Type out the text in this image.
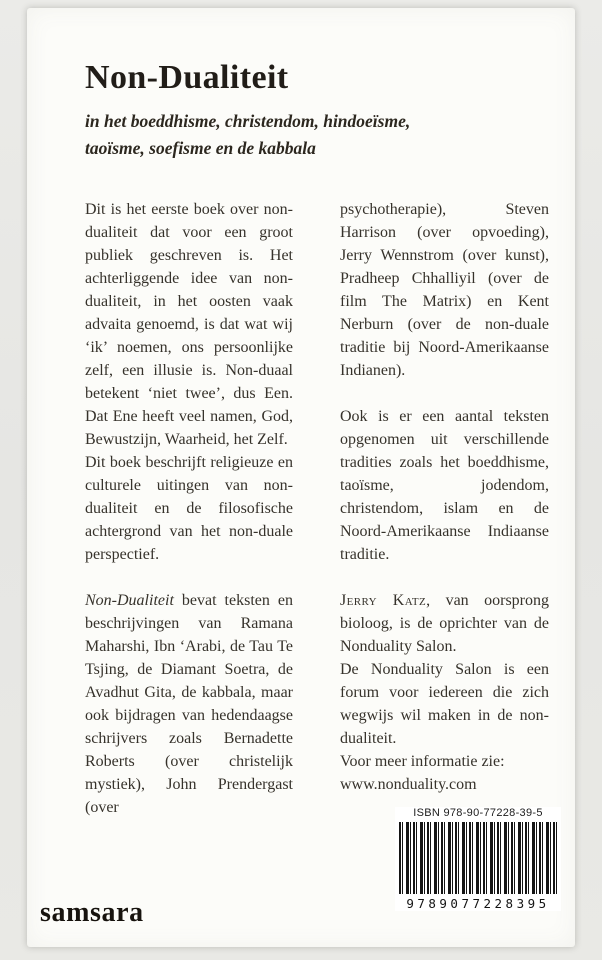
Non-Dualiteit
in het boeddhisme, christendom, hindoeïsme,
taoïsme, soefisme en de kabbala

Dit is het eerste boek over non-dualiteit dat voor een groot publiek geschreven is. Het achterliggende idee van non-dualiteit, in het oosten vaak advaita genoemd, is dat wat wij ‘ik’ noemen, ons persoonlijke zelf, een illusie is. Non-duaal betekent ‘niet twee’, dus Een. Dat Ene heeft veel namen, God, Bewustzijn, Waarheid, het Zelf.

Dit boek beschrijft religieuze en culturele uitingen van non-dualiteit en de filosofische achtergrond van het non-duale perspectief.

Non-Dualiteit bevat teksten en beschrijvingen van Ramana Maharshi, Ibn ‘Arabi, de Tau Te Tsjing, de Diamant Soetra, de Avadhut Gita, de kabbala, maar ook bijdragen van hedendaagse schrijvers zoals Bernadette Roberts (over christelijk mystiek), John Prendergast (over

psychotherapie), Steven Harrison (over opvoeding), Jerry Wennstrom (over kunst), Pradheep Chhalliyil (over de film The Matrix) en Kent Nerburn (over de non-duale traditie bij Noord-Amerikaanse Indianen).

Ook is er een aantal teksten opgenomen uit verschillende tradities zoals het boeddhisme, taoïsme, jodendom, christendom, islam en de Noord-Amerikaanse Indiaanse traditie.

Jerry Katz, van oorsprong bioloog, is de oprichter van de Nonduality Salon.

De Nonduality Salon is een forum voor iedereen die zich wegwijs wil maken in de non-dualiteit.

Voor meer informatie zie:

www.nonduality.com

samsara
ISBN 978-90-77228-39-5
9789077228395
